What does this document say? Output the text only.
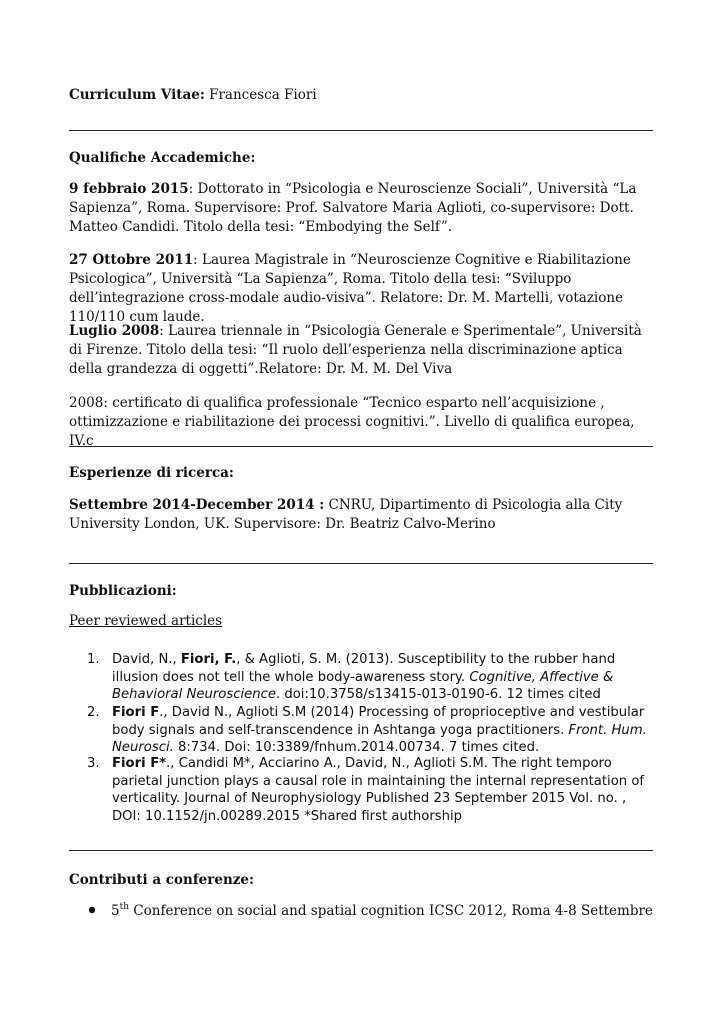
Curriculum Vitae: Francesca Fiori

Qualifiche Accademiche:

9 febbraio 2015: Dottorato in “Psicologia e Neuroscienze Sociali”, Università “La Sapienza”, Roma. Supervisore: Prof. Salvatore Maria Aglioti, co-supervisore: Dott. Matteo Candidi. Titolo della tesi: “Embodying the Self”.

27 Ottobre 2011: Laurea Magistrale in “Neuroscienze Cognitive e Riabilitazione Psicologica”, Università “La Sapienza”, Roma. Titolo della tesi: “Sviluppo dell’integrazione cross-modale audio-visiva”. Relatore: Dr. M. Martelli, votazione 110/110 cum laude.

Luglio 2008: Laurea triennale in “Psicologia Generale e Sperimentale”, Università di Firenze. Titolo della tesi: “Il ruolo dell’esperienza nella discriminazione aptica della grandezza di oggetti”.Relatore: Dr. M. M. Del Viva

2008: certificato di qualifica professionale “Tecnico esparto nell’acquisizione , ottimizzazione e riabilitazione dei processi cognitivi.”. Livello di qualifica europea, IV.c

Esperienze di ricerca:

Settembre 2014-December 2014 : CNRU, Dipartimento di Psicologia alla City University London, UK. Supervisore: Dr. Beatriz Calvo-Merino

Pubblicazioni:

Peer reviewed articles

1. David, N., Fiori, F., & Aglioti, S. M. (2013). Susceptibility to the rubber hand illusion does not tell the whole body-awareness story. Cognitive, Affective & Behavioral Neuroscience. doi:10.3758/s13415-013-0190-6. 12 times cited
2. Fiori F., David N., Aglioti S.M (2014) Processing of proprioceptive and vestibular body signals and self-transcendence in Ashtanga yoga practitioners. Front. Hum. Neurosci. 8:734. Doi: 10:3389/fnhum.2014.00734. 7 times cited.
3. Fiori F*., Candidi M*, Acciarino A., David, N., Aglioti S.M. The right temporo parietal junction plays a causal role in maintaining the internal representation of verticality. Journal of Neurophysiology Published 23 September 2015 Vol. no. , DOI: 10.1152/jn.00289.2015 *Shared first authorship

Contributi a conferenze:

5th Conference on social and spatial cognition ICSC 2012, Roma 4-8 Settembre
